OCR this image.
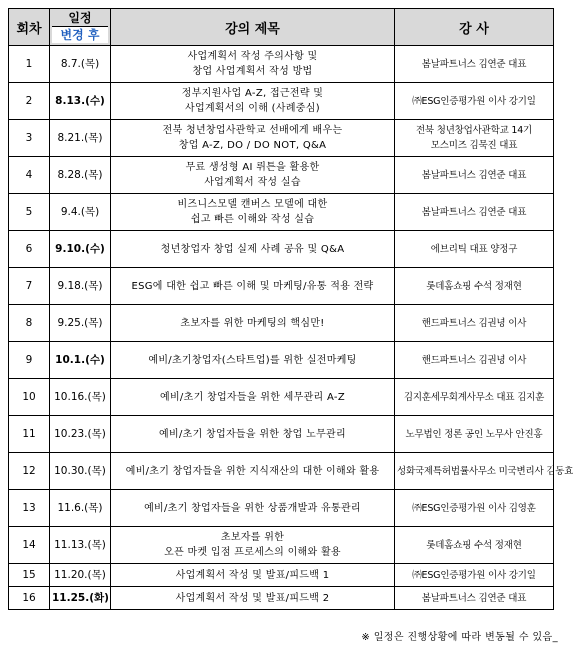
회차	일정
변경 후	강의 제목	강 사
1	8.7.(목)	사업계획서 작성 주의사항 및
창업 사업계획서 작성 방법	봄날파트너스 김연준 대표

2	8.13.(수)	정부지원사업 A-Z, 접근전략 및
사업계획서의 이해 (사례중심)	㈜ESG인증평가원 이사 강기일

3	8.21.(목)	전북 청년창업사관학교 선배에게 배우는
창업 A-Z, DO / DO NOT, Q&A	전북 청년창업사관학교 14기
모스미즈 김묵진 대표

4	8.28.(목)	무료 생성형 AI 뤼튼을 활용한
사업계획서 작성 실습	봄날파트너스 김연준 대표

5	9.4.(목)	비즈니스모델 캔버스 모델에 대한
쉽고 빠른 이해와 작성 실습	봄날파트너스 김연준 대표

6	9.10.(수)	청년창업자 창업 실제 사례 공유 및 Q&A	에브리틱 대표 양정구

7	9.18.(목)	ESG에 대한 쉽고 빠른 이해 및 마케팅/유통 적용 전략	롯데홈쇼핑 수석 정재현

8	9.25.(목)	초보자를 위한 마케팅의 핵심만!	핸드파트너스 김권녕 이사

9	10.1.(수)	예비/초기창업자(스타트업)를 위한 실전마케팅	핸드파트너스 김권녕 이사

10	10.16.(목)	예비/초기 창업자들을 위한 세무관리 A-Z	김지훈세무회계사무소 대표 김지훈

11	10.23.(목)	예비/초기 창업자들을 위한 창업 노무관리	노무법인 정론 공인 노무사 안진홍

12	10.30.(목)	예비/초기 창업자들을 위한 지식재산의 대한 이해와 활용	성화국제특허법률사무소 미국변리사 김동효

13	11.6.(목)	예비/초기 창업자들을 위한 상품개발과 유통관리	㈜ESG인증평가원 이사 김영훈

14	11.13.(목)	초보자를 위한
오픈 마켓 입점 프로세스의 이해와 활용	롯데홈쇼핑 수석 정재현

15	11.20.(목)	사업계획서 작성 및 발표/피드백 1	㈜ESG인증평가원 이사 강기일

16	11.25.(화)	사업계획서 작성 및 발표/피드백 2	봄날파트너스 김연준 대표
※ 일정은 진행상황에 따라 변동될 수 있음_
